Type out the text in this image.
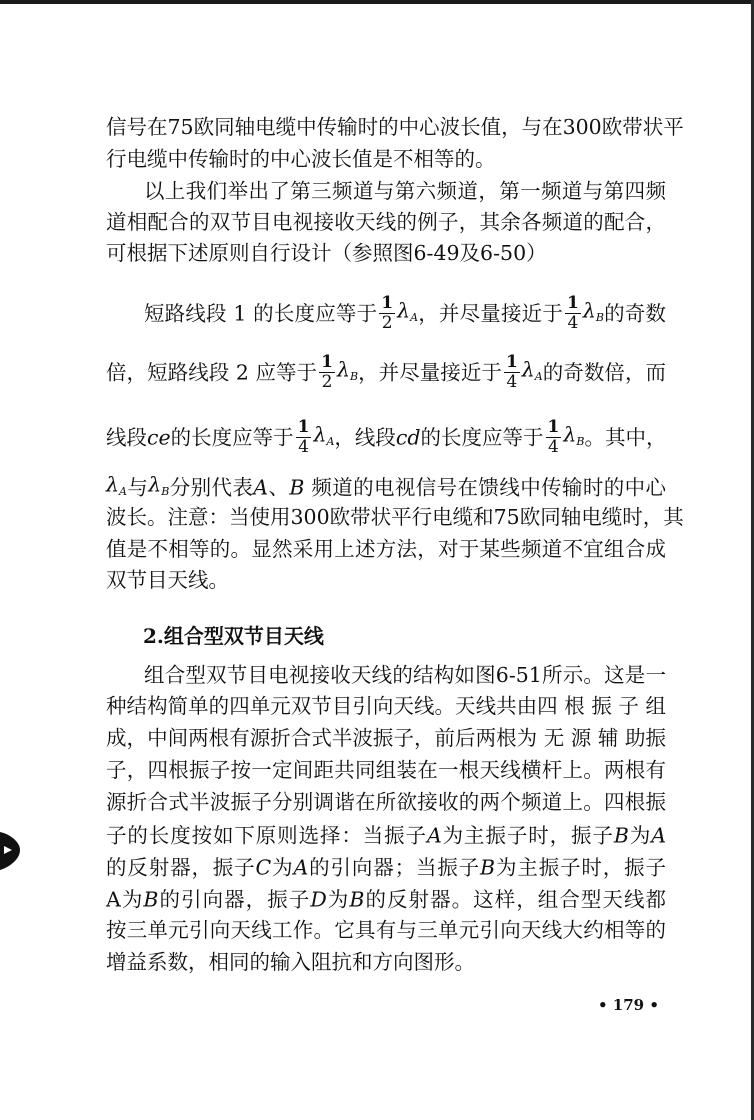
信号在75欧同轴电缆中传输时的中心波长值，与在300欧带状平
行电缆中传输时的中心波长值是不相等的。
以上我们举出了第三频道与第六频道，第一频道与第四频
道相配合的双节目电视接收天线的例子，其余各频道的配合，
可根据下述原则自行设计（参照图6-49及6-50）
短路线段 1 的长度应等于 $\frac{1}{2} \lambda_A$，并尽量接近于 $\frac{1}{4} \lambda_B$的奇数
倍，短路线段 2 应等于 $\frac{1}{2} \lambda_B$，并尽量接近于 $\frac{1}{4} \lambda_A$的奇数倍，而
线段ce的长度应等于 $\frac{1}{4} \lambda_A$，线段cd的长度应等于 $\frac{1}{4} \lambda_B$。其中，
$\lambda_A$与$\lambda_B$分别代表A、B 频道的电视信号在馈线中传输时的中心
波长。注意：当使用300欧带状平行电缆和75欧同轴电缆时，其
值是不相等的。显然采用上述方法，对于某些频道不宜组合成
双节目天线。
2.组合型双节目天线
组合型双节目电视接收天线的结构如图6-51所示。这是一
种结构简单的四单元双节目引向天线。天线共由四 根 振 子 组
成，中间两根有源折合式半波振子，前后两根为 无 源 辅 助振
子，四根振子按一定间距共同组装在一根天线横杆上。两根有
源折合式半波振子分别调谐在所欲接收的两个频道上。四根振
子的长度按如下原则选择：当振子A为主振子时，振子B为A
的反射器，振子C为A的引向器；当振子B为主振子时，振子
A为B的引向器，振子D为B的反射器。这样，组合型天线都
按三单元引向天线工作。它具有与三单元引向天线大约相等的
增益系数，相同的输入阻抗和方向图形。
• 179 •
